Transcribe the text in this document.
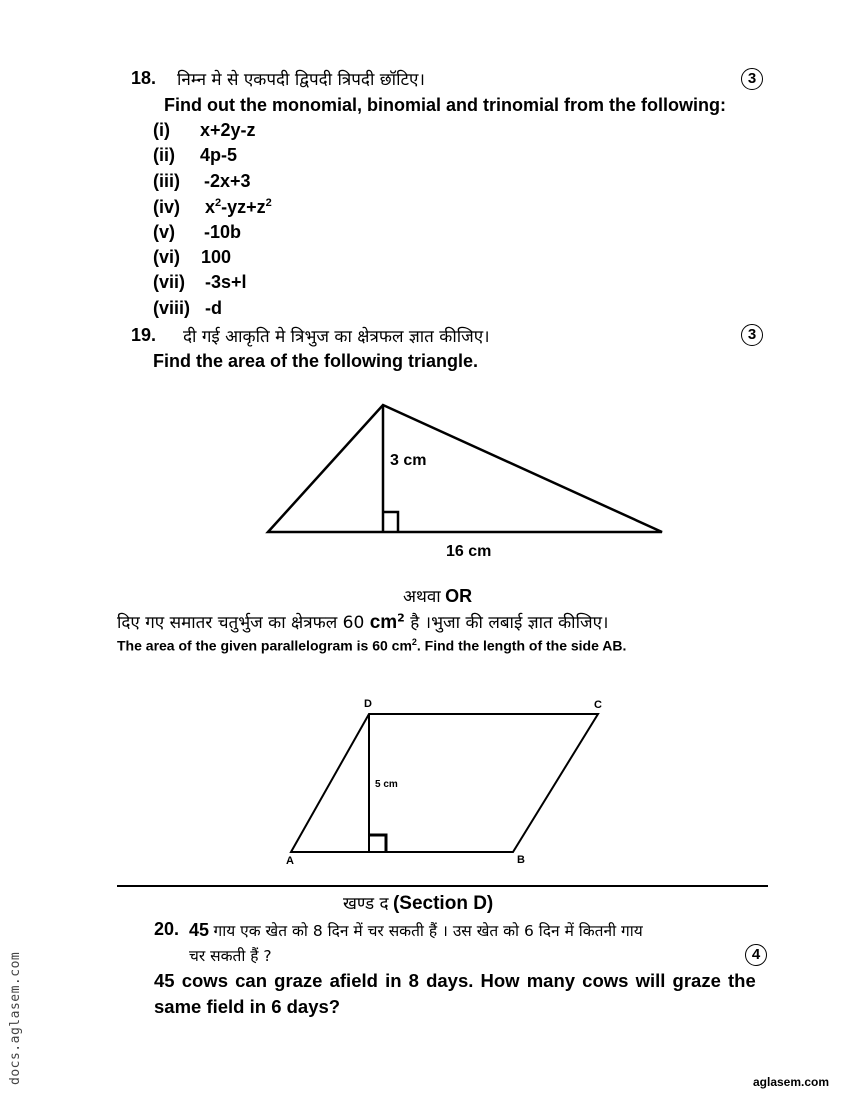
18. निम्न मे से एकपदी द्विपदी त्रिपदी छॉटिए।	3
Find out the monomial, binomial and trinomial from the following:
(i) x+2y-z
(ii) 4p-5
(iii) -2x+3
(iv) $x^2-yz+z^2$
(v) -10b
(vi) 100
(vii) -3s+l
(viii) -d
19. दी गई आकृति मे त्रिभुज का क्षेत्रफल ज्ञात कीजिए।	3
Find the area of the following triangle.
3 cm
16 cm
अथवा OR
दिए गए समातर चतुर्भुज का क्षेत्रफल 60 $cm^2$ है ।भुजा की लबाई ज्ञात कीजिए।
The area of the given parallelogram is 60 $cm^2$. Find the length of the side AB.
D	C
A	B
5 cm
खण्ड द (Section D)
20. 45 गाय एक खेत को 8 दिन में चर सकती हैं । उस खेत को 6 दिन में कितनी गाय
चर सकती हैं ?	4
45 cows can graze afield in 8 days. How many cows will graze the
same field in 6 days?
docs.aglasem.com	aglasem.com
